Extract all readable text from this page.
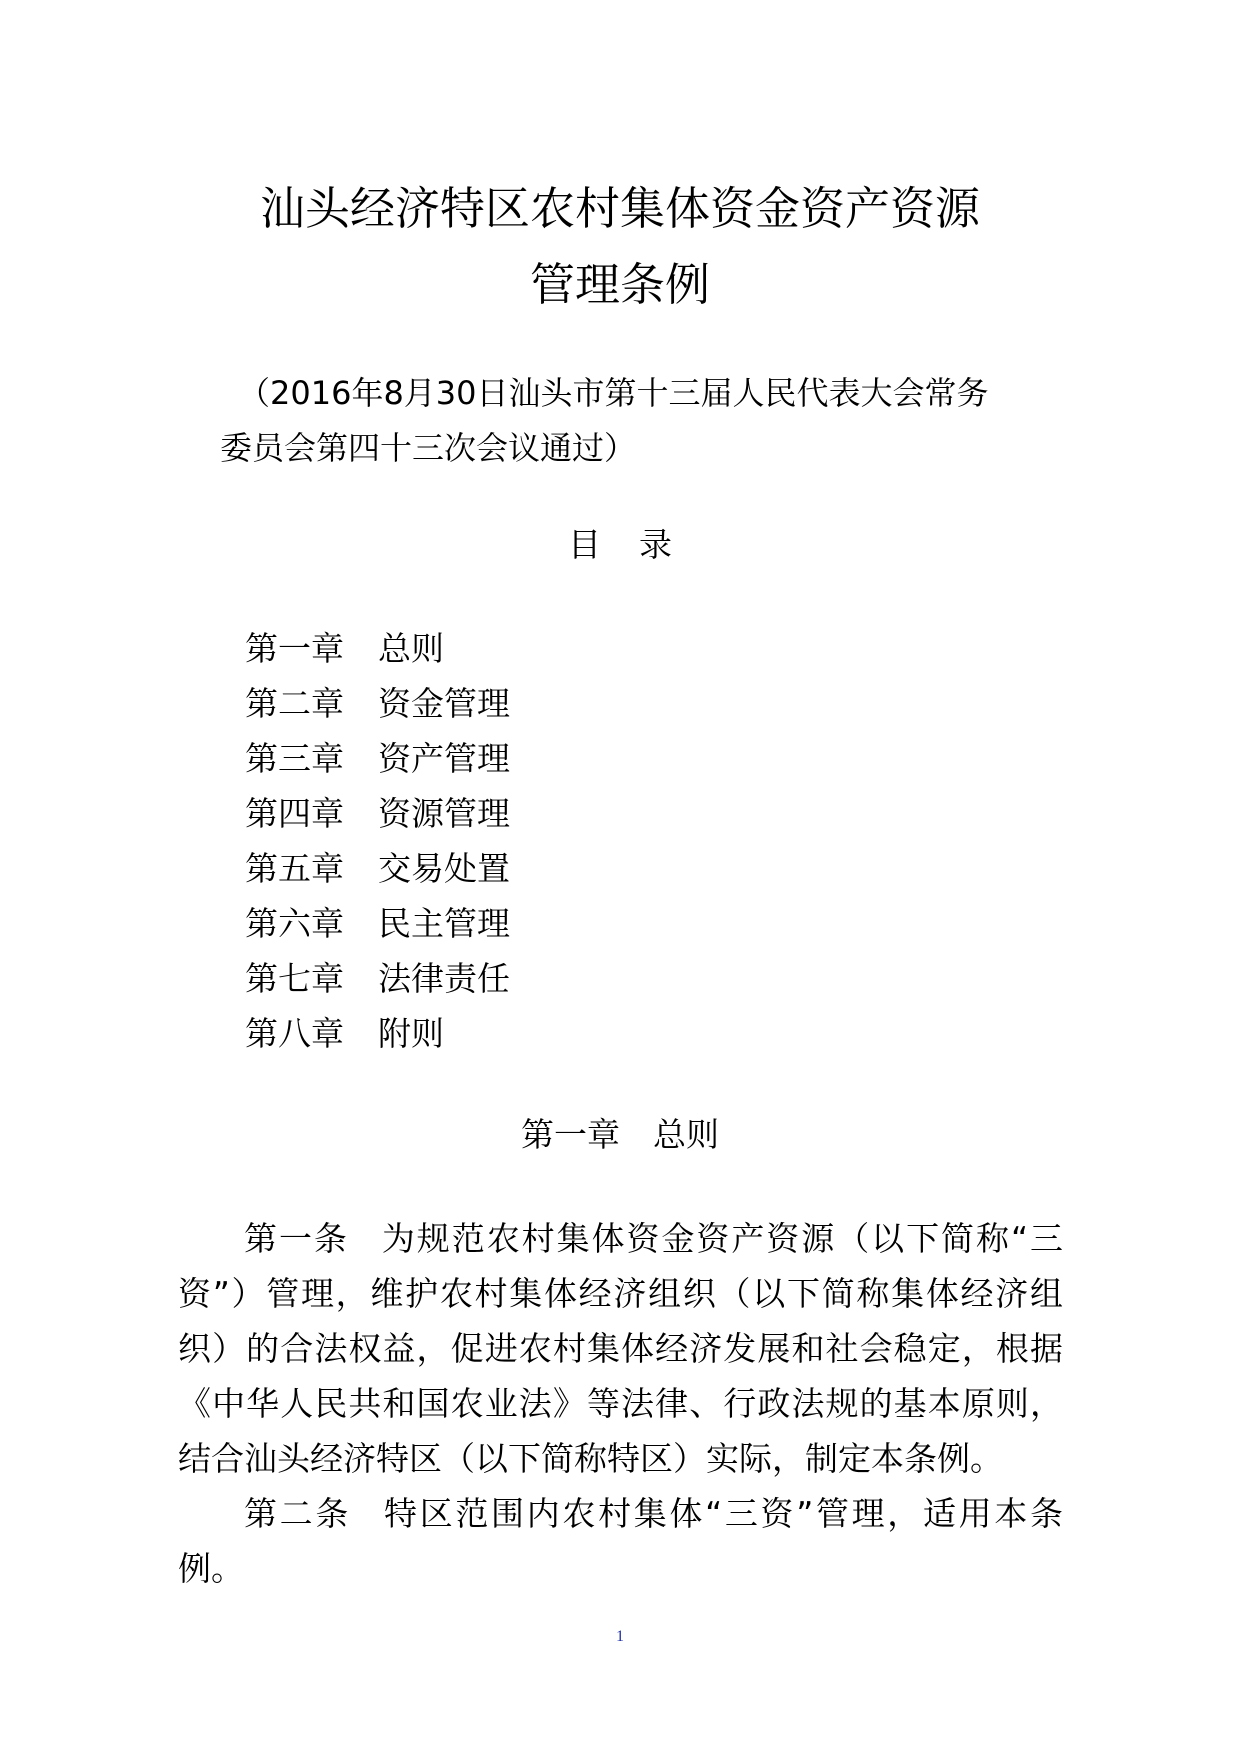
汕头经济特区农村集体资金资产资源
管理条例
（2016年8月30日汕头市第十三届人民代表大会常务
委员会第四十三次会议通过）
目 录
第一章 总则
第二章 资金管理
第三章 资产管理
第四章 资源管理
第五章 交易处置
第六章 民主管理
第七章 法律责任
第八章 附则
第一章 总则

第一条 为规范农村集体资金资产资源（以下简称“三资”）管理，维护农村集体经济组织（以下简称集体经济组织）的合法权益，促进农村集体经济发展和社会稳定，根据《中华人民共和国农业法》等法律、行政法规的基本原则，结合汕头经济特区（以下简称特区）实际，制定本条例。

第二条 特区范围内农村集体“三资”管理，适用本条例。

1
